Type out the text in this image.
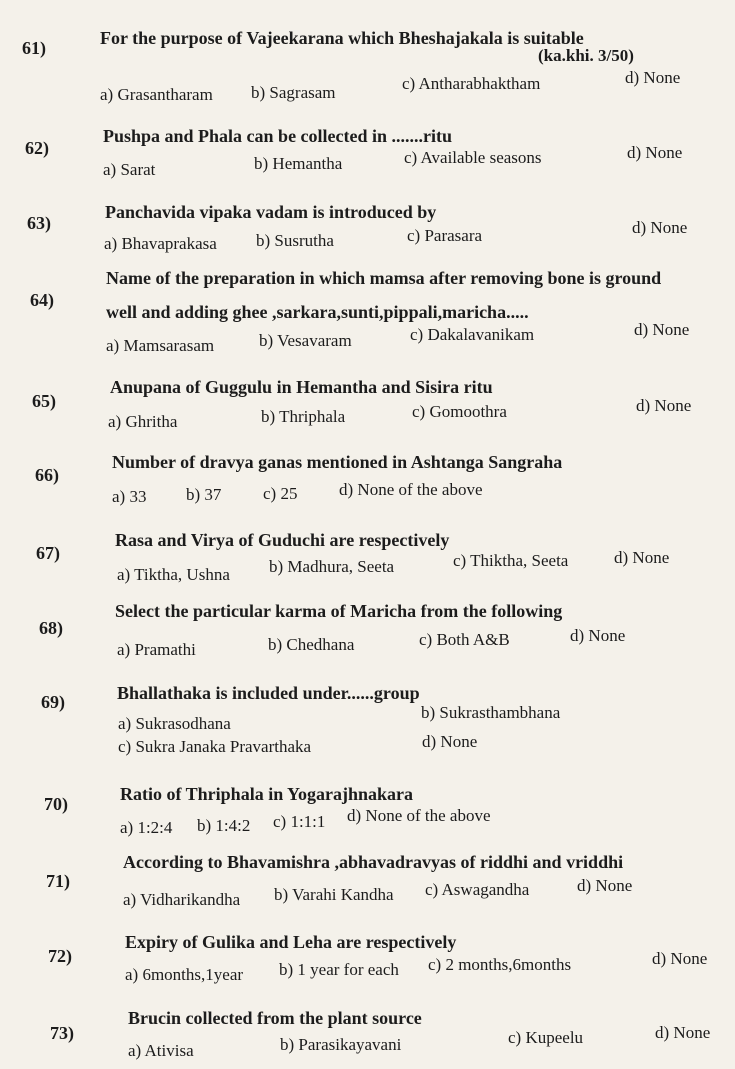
61)	For the purpose of Vajeekarana which Bheshajakala is suitable
(ka.khi. 3/50)
a) Grasantharam b) Sagrasam	c) Antharabhaktham	d) None
62)
Pushpa and Phala can be collected in .......ritu
a) Sarat	b) Hemantha	c) Available seasons	d) None
63)
Panchavida vipaka vadam is introduced by
a) Bhavaprakasa b) Susrutha	c) Parasara	d) None
64)
Name of the preparation in which mamsa after removing bone is ground
well and adding ghee ,sarkara,sunti,pippali,maricha.....
a) Mamsarasam	b) Vesavaram	c) Dakalavanikam	d) None
65)
Anupana of Guggulu in Hemantha and Sisira ritu
a) Ghritha	b) Thriphala	c) Gomoothra	d) None
66)
Number of dravya ganas mentioned in Ashtanga Sangraha
a) 33 b) 37 c) 25 d) None of the above
67)
Rasa and Virya of Guduchi are respectively
a) Tiktha, Ushna b) Madhura, Seeta	c) Thiktha, Seeta	d) None
68)
Select the particular karma of Maricha from the following
a) Pramathi	b) Chedhana	c) Both A&B	d) None
69)	Bhallathaka is included under......group
a) Sukrasodhana
b) Sukrasthambhana
c) Sukra Janaka Pravarthaka	d) None
70)	Ratio of Thriphala in Yogarajhnakara
a) 1:2:4 b) 1:4:2 c) 1:1:1 d) None of the above
71)
According to Bhavamishra ,abhavadravyas of riddhi and vriddhi
a) Vidharikandha b) Varahi Kandha c) Aswagandha	d) None
72)
Expiry of Gulika and Leha are respectively
a) 6months,1year b) 1 year for each c) 2 months,6months	d) None
73)
Brucin collected from the plant source
a) Ativisa	b) Parasikayavani	c) Kupeelu	d) None
